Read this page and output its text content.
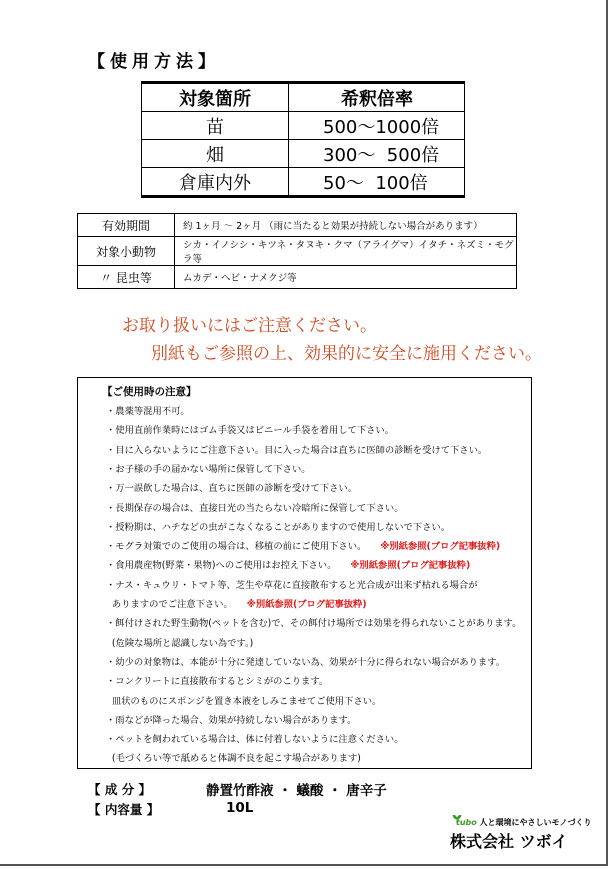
【使用方法】
対象箇所	希釈倍率
苗	500～1000倍
畑	300～  500倍
倉庫内外	50～  100倍
有効期間	約 1ヶ月 ～ 2ヶ月 （雨に当たると効果が持続しない場合があります）
対象小動物	シカ・イノシシ・キツネ・タヌキ・クマ（アライグマ）イタチ・ネズミ・モグラ等
〃 昆虫等	ムカデ・ヘビ・ナメクジ等
お取り扱いにはご注意ください。
別紙もご参照の上、効果的に安全に施用ください。
【ご使用時の注意】
・農薬等混用不可。
・使用直前作業時にはゴム手袋又はビニール手袋を着用して下さい。
・目に入らないようにご注意下さい。目に入った場合は直ちに医師の診断を受けて下さい。
・お子様の手の届かない場所に保管して下さい。
・万一誤飲した場合は、直ちに医師の診断を受けて下さい。
・長期保存の場合は、直接日光の当たらない冷暗所に保管して下さい。
・授粉期は、ハチなどの虫がこなくなることがありますので使用しないで下さい。
・モグラ対策でのご使用の場合は、移植の前にご使用下さい。 ※別紙参照(ブログ記事抜粋)
・食用農産物(野菜・果物)へのご使用はお控え下さい。 ※別紙参照(ブログ記事抜粋)
・ナス・キュウリ・トマト等、芝生や草花に直接散布すると光合成が出来ず枯れる場合が
ありますのでご注意下さい。 ※別紙参照(ブログ記事抜粋)
・餌付けされた野生動物(ペットを含む)で、その餌付け場所では効果を得られないことがあります。
(危険な場所と認識しない為です。)
・幼少の対象物は、本能が十分に発達していない為、効果が十分に得られない場合があります。
・コンクリートに直接散布するとシミがのこります。
皿状のものにスポンジを置き本液をしみこませてご使用下さい。
・雨などが降った場合、効果が持続しない場合があります。
・ペットを飼われている場合は、体に付着しないように注意ください。
(毛づくろい等で舐めると体調不良を起こす場合があります)
【 成 分 】	静置竹酢液 ・ 蟻酸 ・ 唐辛子
【 内容量 】	10L
tubo 人と環境にやさしいモノづくり
株式会社 ツボイ
